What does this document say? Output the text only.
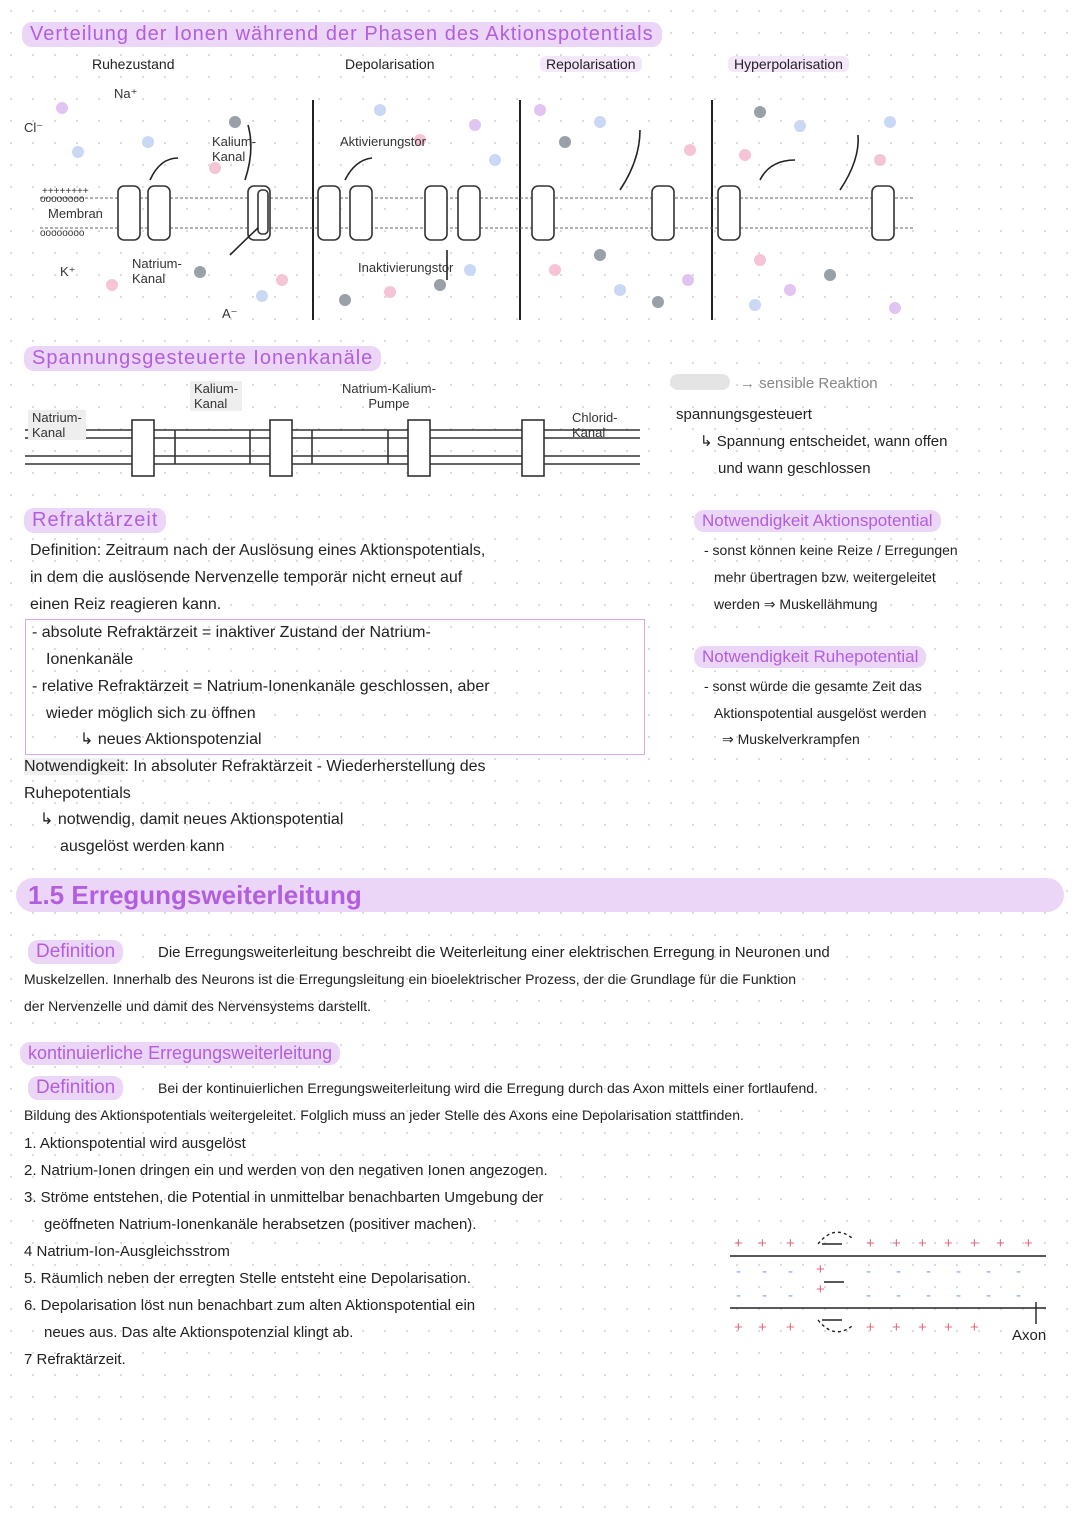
Verteilung der Ionen während der Phasen des Aktionspotentials
Ruhezustand	Depolarisation	Repolarisation	Hyperpolarisation
++++++++
oooooooo
oooooooo
Cl⁻
Na⁺
Kalium-
Kanal
Membran
K⁺
Natrium-
Kanal
A⁻
Aktivierungstor
Inaktivierungstor
Spannungsgesteuerte Ionenkanäle
Natrium-
Kanal
Kalium-
Kanal
Natrium-Kalium-
Pumpe
Chlorid-
Kanal
→ sensible Reaktion
spannungsgesteuert
↳ Spannung entscheidet, wann offen
und wann geschlossen
Refraktärzeit
Definition: Zeitraum nach der Auslösung eines Aktionspotentials,
in dem die auslösende Nervenzelle temporär nicht erneut auf
einen Reiz reagieren kann.
- absolute Refraktärzeit = inaktiver Zustand der Natrium-
Ionenkanäle
- relative Refraktärzeit = Natrium-Ionenkanäle geschlossen, aber
wieder möglich sich zu öffnen
↳ neues Aktionspotenzial
Notwendigkeit: In absoluter Refraktärzeit - Wiederherstellung des
Ruhepotentials
↳ notwendig, damit neues Aktionspotential
ausgelöst werden kann
Notwendigkeit Aktionspotential
- sonst können keine Reize / Erregungen
mehr übertragen bzw. weitergeleitet
werden ⇒ Muskellähmung
Notwendigkeit Ruhepotential
- sonst würde die gesamte Zeit das
Aktionspotential ausgelöst werden
⇒ Muskelverkrampfen
1.5 Erregungsweiterleitung
Definition	Die Erregungsweiterleitung beschreibt die Weiterleitung einer elektrischen Erregung in Neuronen und
Muskelzellen. Innerhalb des Neurons ist die Erregungsleitung ein bioelektrischer Prozess, der die Grundlage für die Funktion
der Nervenzelle und damit des Nervensystems darstellt.
kontinuierliche Erregungsweiterleitung
Definition	Bei der kontinuierlichen Erregungsweiterleitung wird die Erregung durch das Axon mittels einer fortlaufend.
Bildung des Aktionspotentials weitergeleitet. Folglich muss an jeder Stelle des Axons eine Depolarisation stattfinden.
1. Aktionspotential wird ausgelöst
2. Natrium-Ionen dringen ein und werden von den negativen Ionen angezogen.
3. Ströme entstehen, die Potential in unmittelbar benachbarten Umgebung der
geöffneten Natrium-Ionenkanäle herabsetzen (positiver machen).
4 Natrium-Ion-Ausgleichsstrom
5. Räumlich neben der erregten Stelle entsteht eine Depolarisation.
6. Depolarisation löst nun benachbart zum alten Aktionspotential ein
neues aus. Das alte Aktionspotenzial klingt ab.
7 Refraktärzeit.
+ + +	+ + + + + + +
+ + +	+ + + + +
+
+
- - -	- - - - - -
- - -	- - - - - -
Axon
